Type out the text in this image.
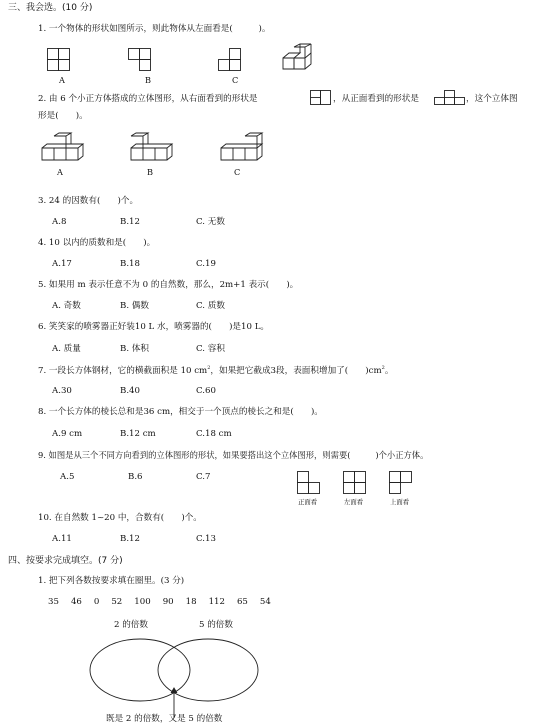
三、我会选。(10 分)
1. 一个物体的形状如图所示，则此物体从左面看是(　　　)。
A	B	C
2. 由 6 个小正方体搭成的立体图形，从右面看到的形状是	，从正面看到的形状是	，这个立体图
形是(　　)。
A	B	C
3. 24 的因数有(　　)个。
A.8	B.12	C. 无数
4. 10 以内的质数和是(　　)。
A.17	B.18	C.19
5. 如果用 m 表示任意不为 0 的自然数，那么，2m+1 表示(　　)。
A. 奇数	B. 偶数	C. 质数
6. 笑笑家的喷雾器正好装10 L 水，喷雾器的(　　)是10 L。
A. 质量	B. 体积	C. 容积
7. 一段长方体钢材，它的横截面积是 10 $cm^2$，如果把它截成3段，表面积增加了(　　)$cm^2$。
A.30	B.40	C.60
8. 一个长方体的棱长总和是36 cm，相交于一个顶点的棱长之和是(　　)。
A.9 cm	B.12 cm	C.18 cm
9. 如图是从三个不同方向看到的立体图形的形状，如果要搭出这个立体图形，则需要(　　　)个小正方体。
A.5	B.6	C.7
正面看	左面看	上面看
10. 在自然数 1~20 中，合数有(　　)个。
A.11	B.12	C.13
四、按要求完成填空。(7 分)
1. 把下列各数按要求填在圈里。(3 分)
35 46 0 52 100 90 18 112 65 54
2 的倍数	5 的倍数
既是 2 的倍数，又是 5 的倍数
